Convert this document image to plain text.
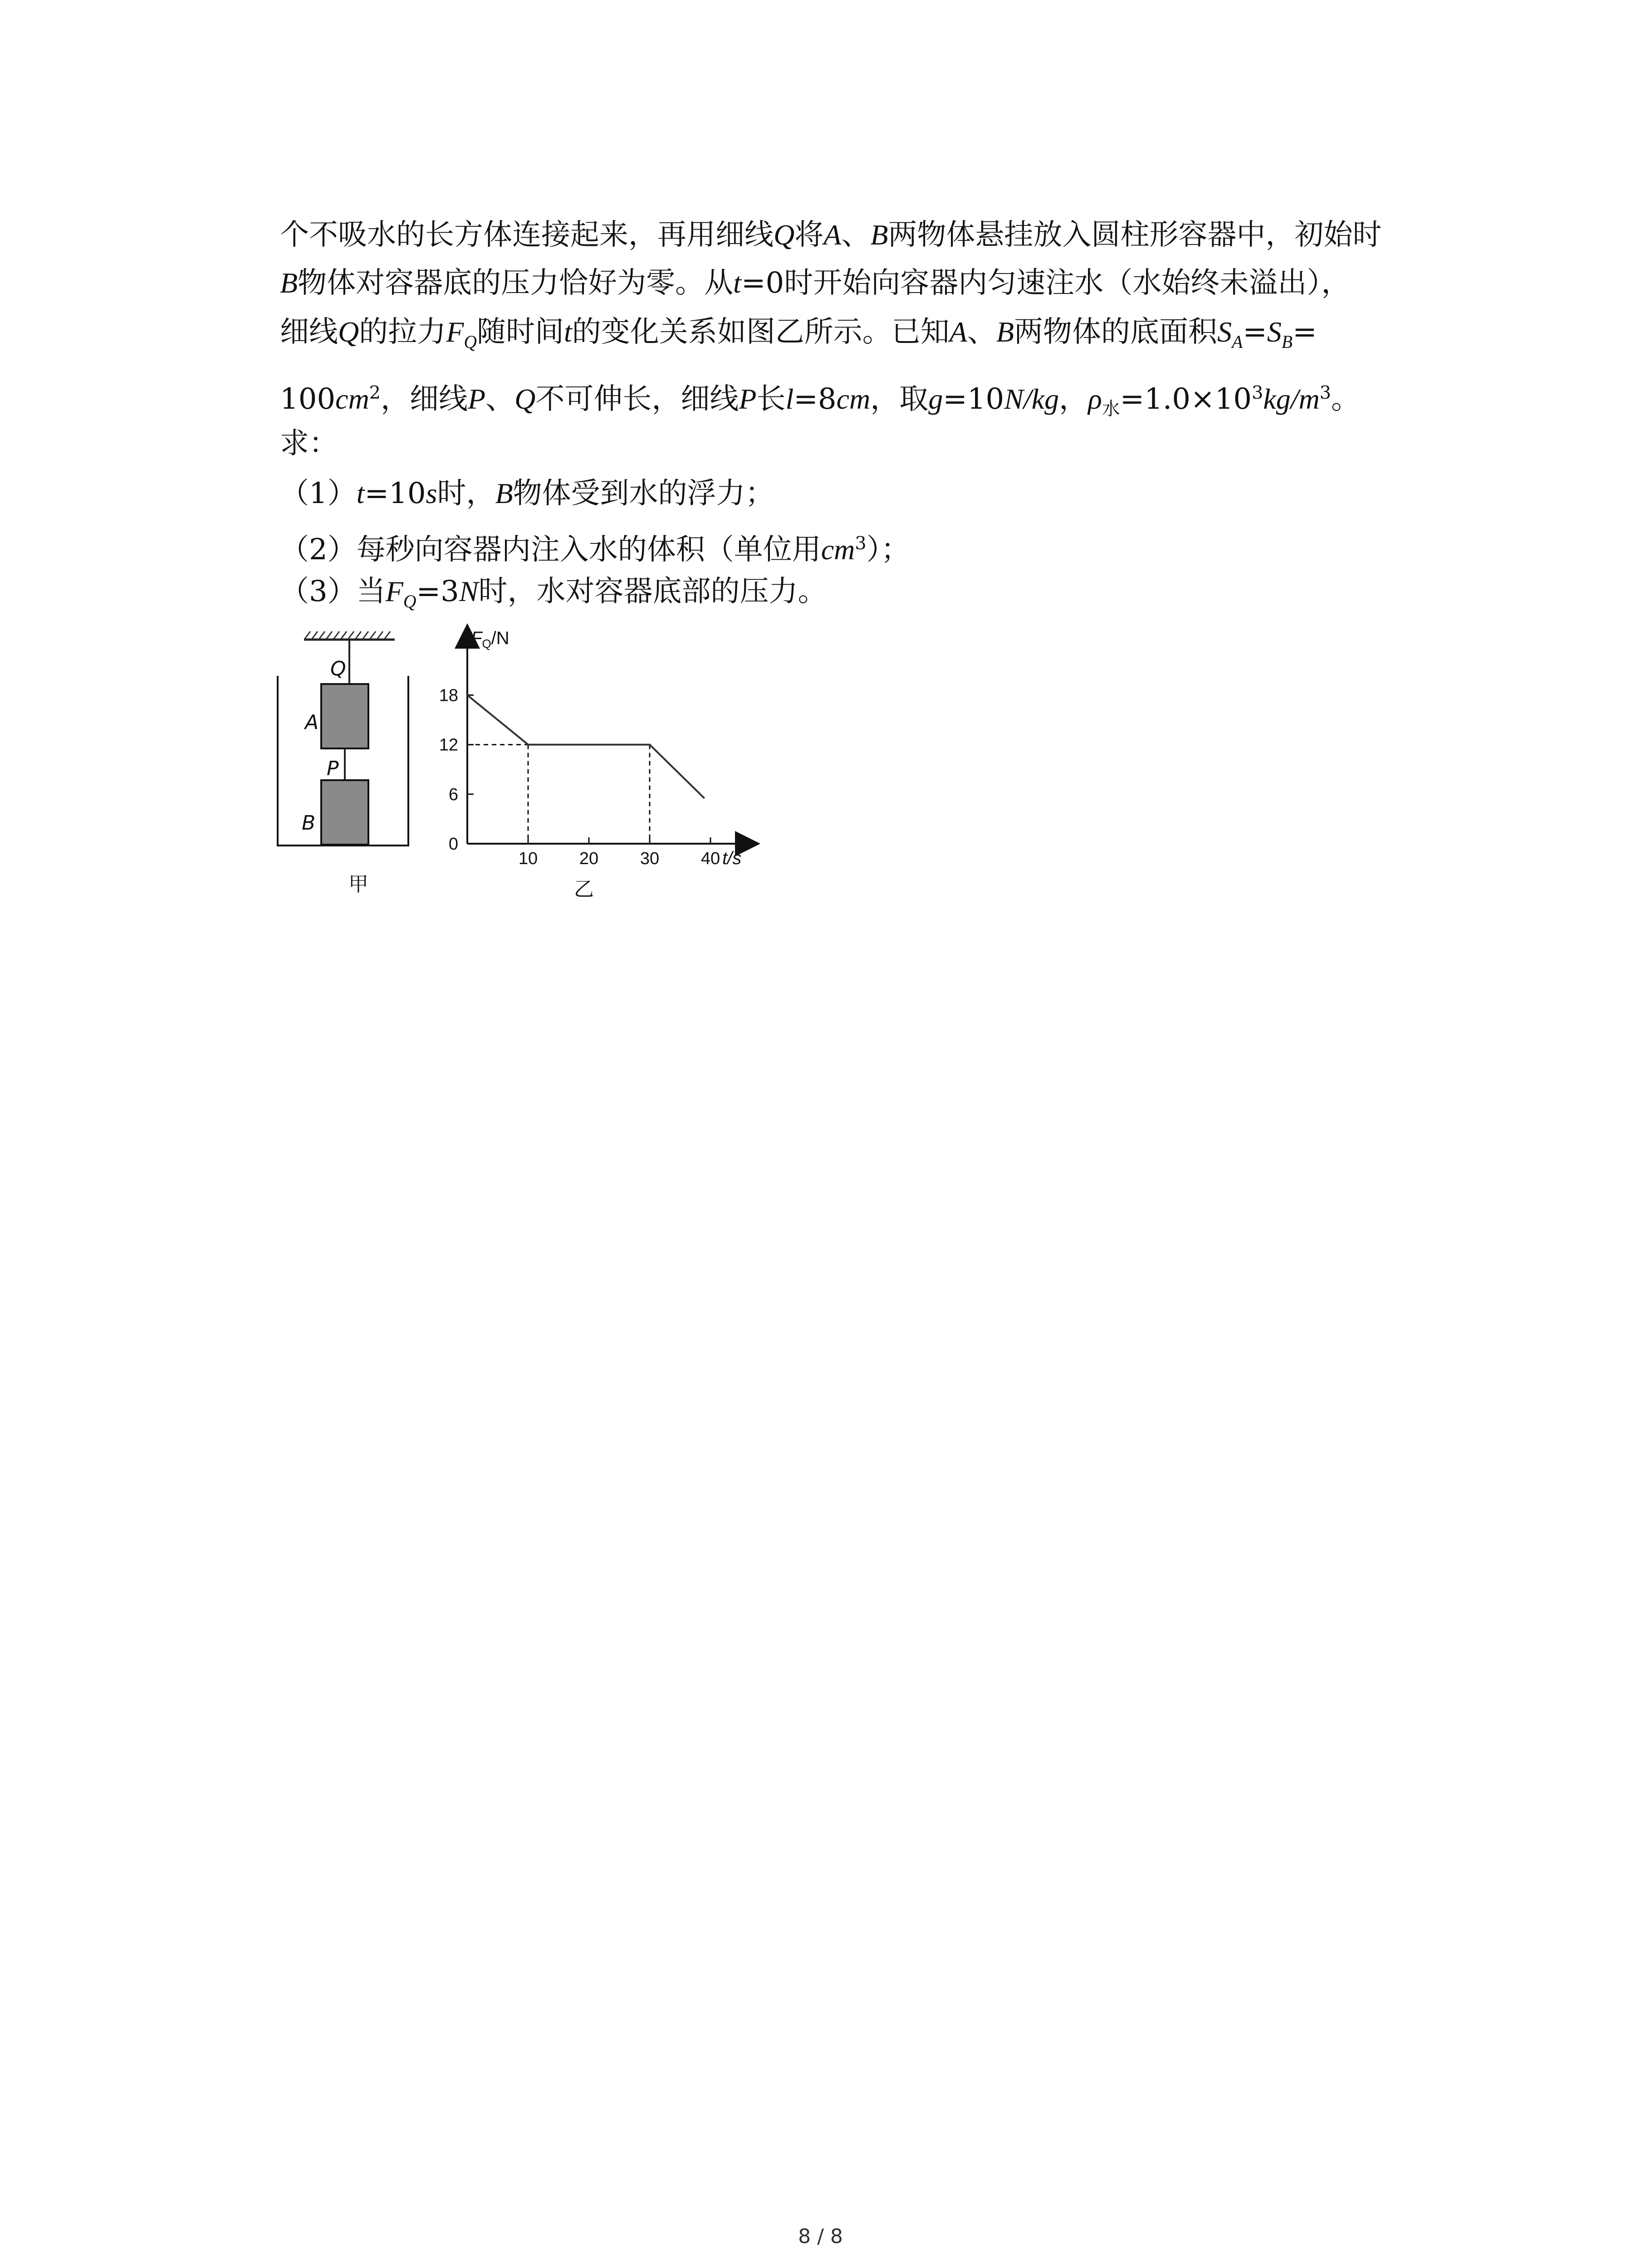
个不吸水的长方体连接起来，再用细线Q将A、B两物体悬挂放入圆柱形容器中，初始时
B物体对容器底的压力恰好为零。从t=0时开始向容器内匀速注水（水始终未溢出），
细线Q的拉力$F_Q$随时间t的变化关系如图乙所示。已知A、B两物体的底面积$S_A=S_B=$
$100cm^2$，细线P、Q不可伸长，细线P长l=8cm，取g=10N/kg，$\rho_水=1.0\times 10^3kg/m^3$。
求：
（1）t=10s时，B物体受到水的浮力；
（2）每秒向容器内注入水的体积（单位用$cm^3$）；
（3）当$F_Q=3N$时，水对容器底部的压力。
Q
A
P
B
甲
$F_Q/N$
t/s
0
6
12
18
10 20 30 40
乙
8 / 8
